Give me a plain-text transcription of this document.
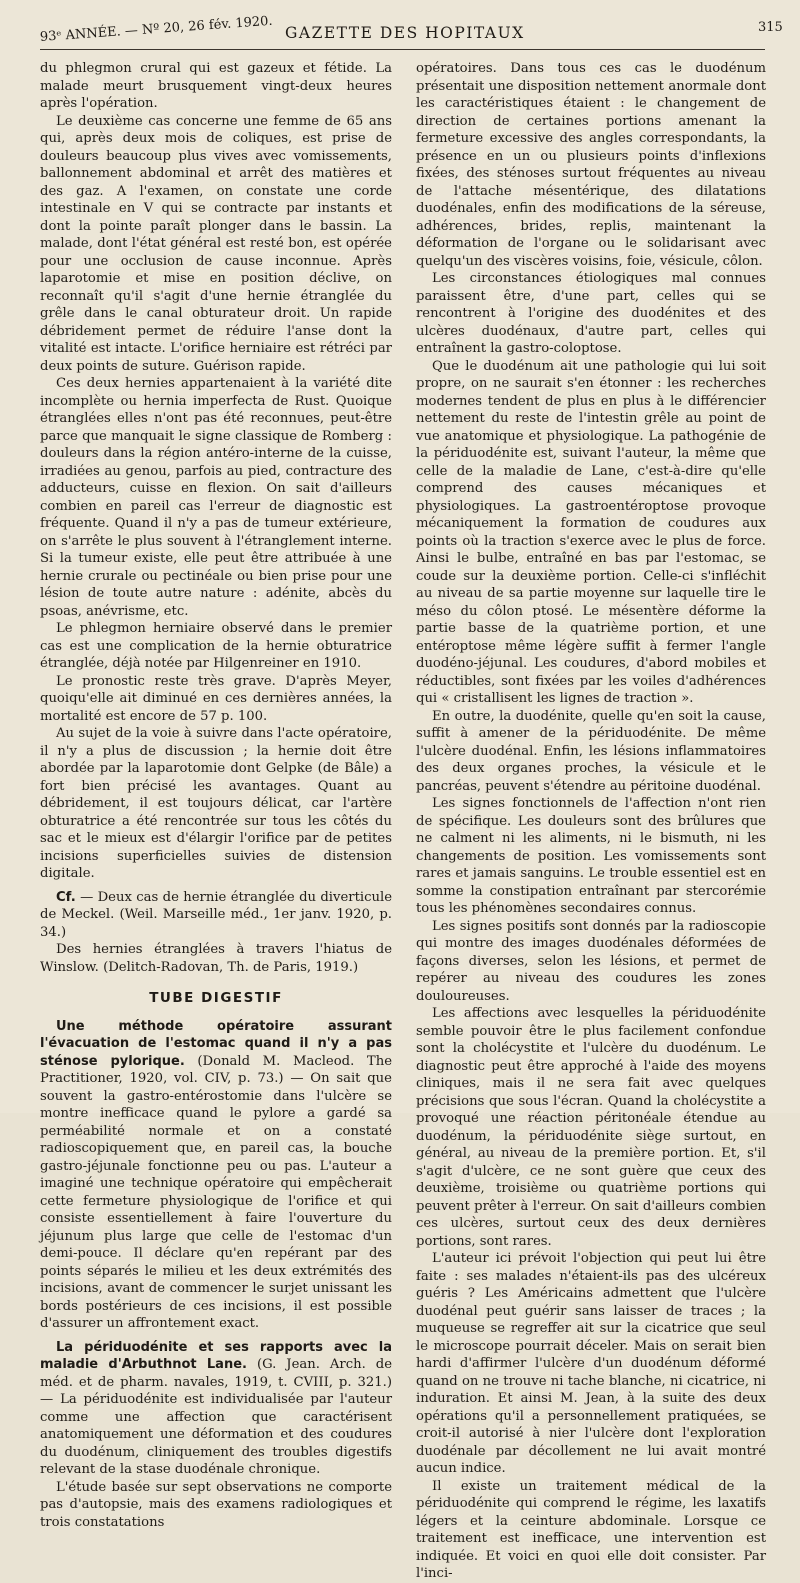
93ᵉ ANNÉE. — Nº 20, 26 fév. 1920. GAZETTE DES HOPITAUX	315

du phlegmon crural qui est gazeux et fétide. La malade meurt brusquement vingt-deux heures après l'opération.

Le deuxième cas concerne une femme de 65 ans qui, après deux mois de coliques, est prise de douleurs beaucoup plus vives avec vomissements, ballonnement abdominal et arrêt des matières et des gaz. A l'examen, on constate une corde intestinale en V qui se contracte par instants et dont la pointe paraît plonger dans le bassin. La malade, dont l'état général est resté bon, est opérée pour une occlusion de cause inconnue. Après laparotomie et mise en position déclive, on reconnaît qu'il s'agit d'une hernie étranglée du grêle dans le canal obturateur droit. Un rapide débridement permet de réduire l'anse dont la vitalité est intacte. L'orifice herniaire est rétréci par deux points de suture. Guérison rapide.

Ces deux hernies appartenaient à la variété dite incomplète ou hernia imperfecta de Rust. Quoique étranglées elles n'ont pas été reconnues, peut-être parce que manquait le signe classique de Romberg : douleurs dans la région antéro-interne de la cuisse, irradiées au genou, parfois au pied, contracture des adducteurs, cuisse en flexion. On sait d'ailleurs combien en pareil cas l'erreur de diagnostic est fréquente. Quand il n'y a pas de tumeur extérieure, on s'arrête le plus souvent à l'étranglement interne. Si la tumeur existe, elle peut être attribuée à une hernie crurale ou pectinéale ou bien prise pour une lésion de toute autre nature : adénite, abcès du psoas, anévrisme, etc.

Le phlegmon herniaire observé dans le premier cas est une complication de la hernie obturatrice étranglée, déjà notée par Hilgenreiner en 1910.

Le pronostic reste très grave. D'après Meyer, quoiqu'elle ait diminué en ces dernières années, la mortalité est encore de 57 p. 100.

Au sujet de la voie à suivre dans l'acte opératoire, il n'y a plus de discussion ; la hernie doit être abordée par la laparotomie dont Gelpke (de Bâle) a fort bien précisé les avantages. Quant au débridement, il est toujours délicat, car l'artère obturatrice a été rencontrée sur tous les côtés du sac et le mieux est d'élargir l'orifice par de petites incisions superficielles suivies de distension digitale.

Cf. — Deux cas de hernie étranglée du diverticule de Meckel. (Weil. Marseille méd., 1er janv. 1920, p. 34.)

Des hernies étranglées à travers l'hiatus de Winslow. (Delitch-Radovan, Th. de Paris, 1919.)

TUBE DIGESTIF

Une méthode opératoire assurant l'évacuation de l'estomac quand il n'y a pas sténose pylorique. (Donald M. Macleod. The Practitioner, 1920, vol. CIV, p. 73.) — On sait que souvent la gastro-entérostomie dans l'ulcère se montre inefficace quand le pylore a gardé sa perméabilité normale et on a constaté radioscopiquement que, en pareil cas, la bouche gastro-jéjunale fonctionne peu ou pas. L'auteur a imaginé une technique opératoire qui empêcherait cette fermeture physiologique de l'orifice et qui consiste essentiellement à faire l'ouverture du jéjunum plus large que celle de l'estomac d'un demi-pouce. Il déclare qu'en repérant par des points séparés le milieu et les deux extrémités des incisions, avant de commencer le surjet unissant les bords postérieurs de ces incisions, il est possible d'assurer un affrontement exact.

La périduodénite et ses rapports avec la maladie d'Arbuthnot Lane. (G. Jean. Arch. de méd. et de pharm. navales, 1919, t. CVIII, p. 321.) — La périduodénite est individualisée par l'auteur comme une affection que caractérisent anatomiquement une déformation et des coudures du duodénum, cliniquement des troubles digestifs relevant de la stase duodénale chronique.

L'étude basée sur sept observations ne comporte pas d'autopsie, mais des examens radiologiques et trois constatations

opératoires. Dans tous ces cas le duodénum présentait une disposition nettement anormale dont les caractéristiques étaient : le changement de direction de certaines portions amenant la fermeture excessive des angles correspondants, la présence en un ou plusieurs points d'inflexions fixées, des sténoses surtout fréquentes au niveau de l'attache mésentérique, des dilatations duodénales, enfin des modifications de la séreuse, adhérences, brides, replis, maintenant la déformation de l'organe ou le solidarisant avec quelqu'un des viscères voisins, foie, vésicule, côlon.

Les circonstances étiologiques mal connues paraissent être, d'une part, celles qui se rencontrent à l'origine des duodénites et des ulcères duodénaux, d'autre part, celles qui entraînent la gastro-coloptose.

Que le duodénum ait une pathologie qui lui soit propre, on ne saurait s'en étonner : les recherches modernes tendent de plus en plus à le différencier nettement du reste de l'intestin grêle au point de vue anatomique et physiologique. La pathogénie de la périduodénite est, suivant l'auteur, la même que celle de la maladie de Lane, c'est-à-dire qu'elle comprend des causes mécaniques et physiologiques. La gastroentéroptose provoque mécaniquement la formation de coudures aux points où la traction s'exerce avec le plus de force. Ainsi le bulbe, entraîné en bas par l'estomac, se coude sur la deuxième portion. Celle-ci s'infléchit au niveau de sa partie moyenne sur laquelle tire le méso du côlon ptosé. Le mésentère déforme la partie basse de la quatrième portion, et une entéroptose même légère suffit à fermer l'angle duodéno-jéjunal. Les coudures, d'abord mobiles et réductibles, sont fixées par les voiles d'adhérences qui « cristallisent les lignes de traction ».

En outre, la duodénite, quelle qu'en soit la cause, suffit à amener de la périduodénite. De même l'ulcère duodénal. Enfin, les lésions inflammatoires des deux organes proches, la vésicule et le pancréas, peuvent s'étendre au péritoine duodénal.

Les signes fonctionnels de l'affection n'ont rien de spécifique. Les douleurs sont des brûlures que ne calment ni les aliments, ni le bismuth, ni les changements de position. Les vomissements sont rares et jamais sanguins. Le trouble essentiel est en somme la constipation entraînant par stercorémie tous les phénomènes secondaires connus.

Les signes positifs sont donnés par la radioscopie qui montre des images duodénales déformées de façons diverses, selon les lésions, et permet de repérer au niveau des coudures les zones douloureuses.

Les affections avec lesquelles la périduodénite semble pouvoir être le plus facilement confondue sont la cholécystite et l'ulcère du duodénum. Le diagnostic peut être approché à l'aide des moyens cliniques, mais il ne sera fait avec quelques précisions que sous l'écran. Quand la cholécystite a provoqué une réaction péritonéale étendue au duodénum, la périduodénite siège surtout, en général, au niveau de la première portion. Et, s'il s'agit d'ulcère, ce ne sont guère que ceux des deuxième, troisième ou quatrième portions qui peuvent prêter à l'erreur. On sait d'ailleurs combien ces ulcères, surtout ceux des deux dernières portions, sont rares.

L'auteur ici prévoit l'objection qui peut lui être faite : ses malades n'étaient-ils pas des ulcéreux guéris ? Les Américains admettent que l'ulcère duodénal peut guérir sans laisser de traces ; la muqueuse se regreffer ait sur la cicatrice que seul le microscope pourrait déceler. Mais on serait bien hardi d'affirmer l'ulcère d'un duodénum déformé quand on ne trouve ni tache blanche, ni cicatrice, ni induration. Et ainsi M. Jean, à la suite des deux opérations qu'il a personnellement pratiquées, se croit-il autorisé à nier l'ulcère dont l'exploration duodénale par décollement ne lui avait montré aucun indice.

Il existe un traitement médical de la périduodénite qui comprend le régime, les laxatifs légers et la ceinture abdominale. Lorsque ce traitement est inefficace, une intervention est indiquée. Et voici en quoi elle doit consister. Par l'inci-
